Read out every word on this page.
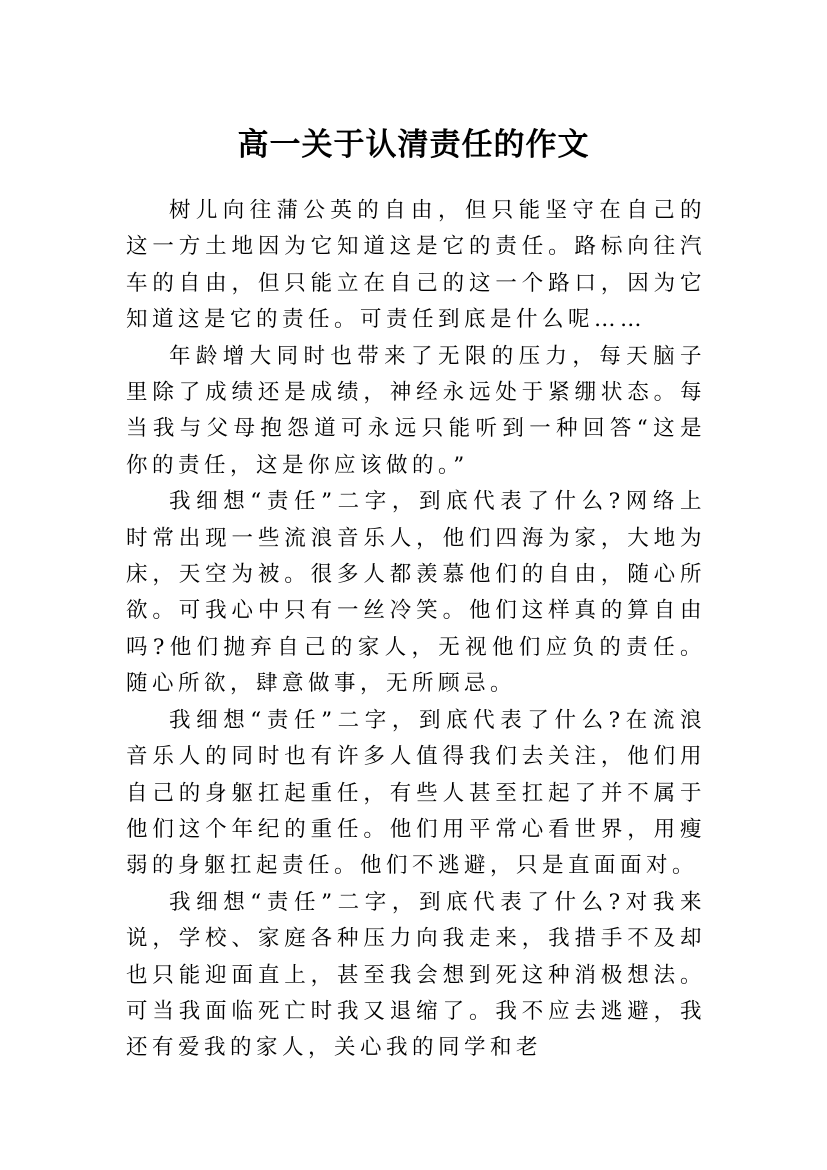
高一关于认清责任的作文

树儿向往蒲公英的自由，但只能坚守在自己的这一方土地因为它知道这是它的责任。路标向往汽车的自由，但只能立在自己的这一个路口，因为它知道这是它的责任。可责任到底是什么呢……

年龄增大同时也带来了无限的压力，每天脑子里除了成绩还是成绩，神经永远处于紧绷状态。每当我与父母抱怨道可永远只能听到一种回答“这是你的责任，这是你应该做的。”

我细想“责任”二字，到底代表了什么?网络上时常出现一些流浪音乐人，他们四海为家，大地为床，天空为被。很多人都羡慕他们的自由，随心所欲。可我心中只有一丝冷笑。他们这样真的算自由吗?他们抛弃自己的家人，无视他们应负的责任。随心所欲，肆意做事，无所顾忌。

我细想“责任”二字，到底代表了什么?在流浪音乐人的同时也有许多人值得我们去关注，他们用自己的身躯扛起重任，有些人甚至扛起了并不属于他们这个年纪的重任。他们用平常心看世界，用瘦弱的身躯扛起责任。他们不逃避，只是直面面对。

我细想“责任”二字，到底代表了什么?对我来说，学校、家庭各种压力向我走来，我措手不及却也只能迎面直上，甚至我会想到死这种消极想法。可当我面临死亡时我又退缩了。我不应去逃避，我还有爱我的家人，关心我的同学和老
